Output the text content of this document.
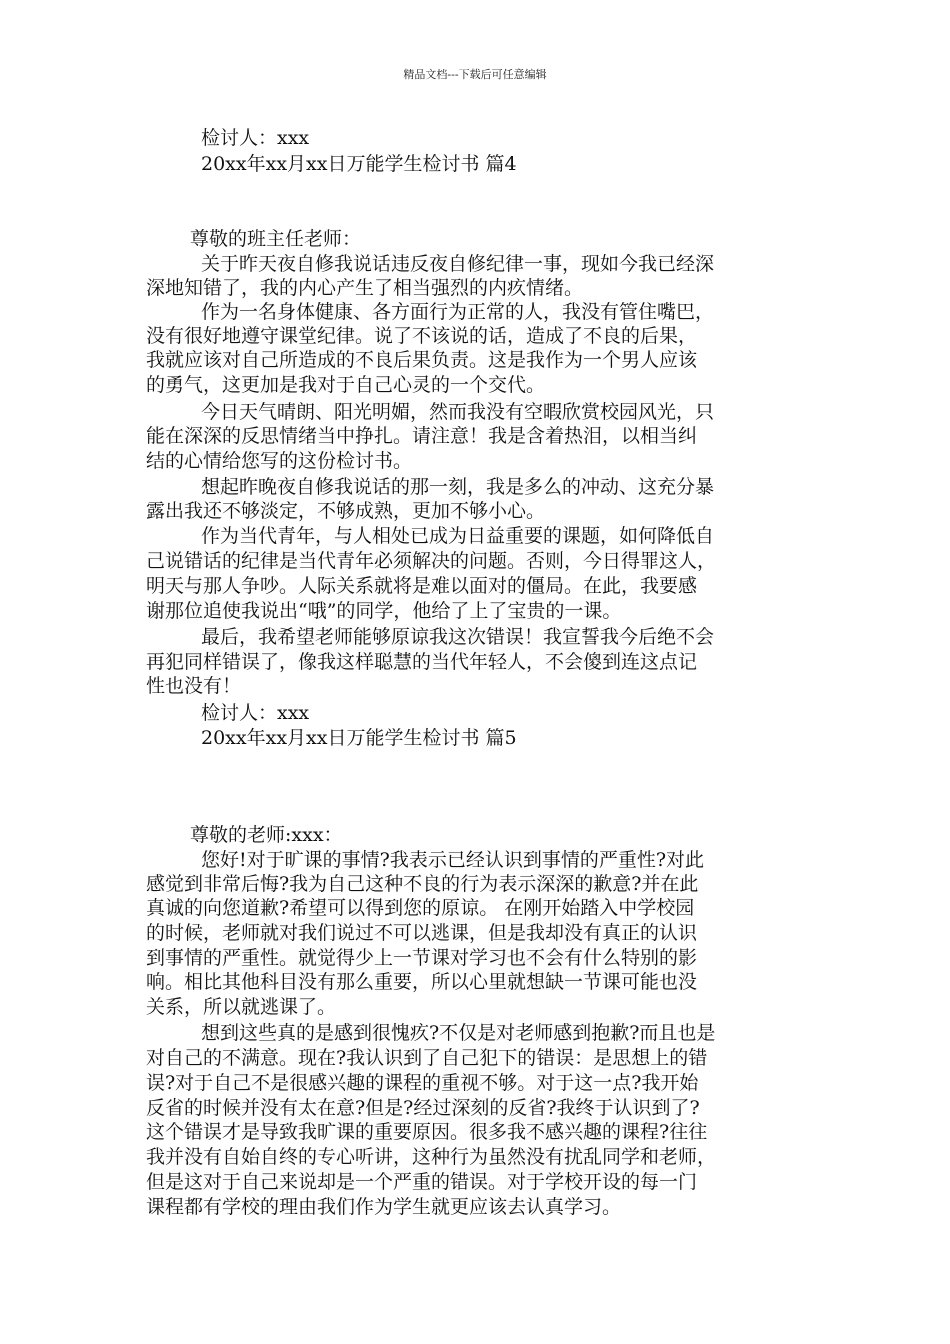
精品文档---下载后可任意编辑
检讨人：xxx
20xx年xx月xx日万能学生检讨书 篇4
尊敬的班主任老师：
关于昨天夜自修我说话违反夜自修纪律一事，现如今我已经深
深地知错了，我的内心产生了相当强烈的内疚情绪。
作为一名身体健康、各方面行为正常的人，我没有管住嘴巴，
没有很好地遵守课堂纪律。说了不该说的话，造成了不良的后果，
我就应该对自己所造成的不良后果负责。这是我作为一个男人应该
的勇气，这更加是我对于自己心灵的一个交代。
今日天气晴朗、阳光明媚，然而我没有空暇欣赏校园风光，只
能在深深的反思情绪当中挣扎。请注意！我是含着热泪，以相当纠
结的心情给您写的这份检讨书。
想起昨晚夜自修我说话的那一刻，我是多么的冲动、这充分暴
露出我还不够淡定，不够成熟，更加不够小心。
作为当代青年，与人相处已成为日益重要的课题，如何降低自
己说错话的纪律是当代青年必须解决的问题。否则，今日得罪这人，
明天与那人争吵。人际关系就将是难以面对的僵局。在此，我要感
谢那位追使我说出“哦”的同学，他给了上了宝贵的一课。
最后，我希望老师能够原谅我这次错误！我宣誓我今后绝不会
再犯同样错误了，像我这样聪慧的当代年轻人，不会傻到连这点记
性也没有！
检讨人：xxx
20xx年xx月xx日万能学生检讨书 篇5
尊敬的老师:xxx：
您好!对于旷课的事情?我表示已经认识到事情的严重性?对此
感觉到非常后悔?我为自己这种不良的行为表示深深的歉意?并在此
真诚的向您道歉?希望可以得到您的原谅。 在刚开始踏入中学校园
的时候，老师就对我们说过不可以逃课，但是我却没有真正的认识
到事情的严重性。就觉得少上一节课对学习也不会有什么特别的影
响。相比其他科目没有那么重要，所以心里就想缺一节课可能也没
关系，所以就逃课了。
想到这些真的是感到很愧疚?不仅是对老师感到抱歉?而且也是
对自己的不满意。现在?我认识到了自己犯下的错误：是思想上的错
误?对于自己不是很感兴趣的课程的重视不够。对于这一点?我开始
反省的时候并没有太在意?但是?经过深刻的反省?我终于认识到了?
这个错误才是导致我旷课的重要原因。很多我不感兴趣的课程?往往
我并没有自始自终的专心听讲，这种行为虽然没有扰乱同学和老师，
但是这对于自己来说却是一个严重的错误。对于学校开设的每一门
课程都有学校的理由我们作为学生就更应该去认真学习。
